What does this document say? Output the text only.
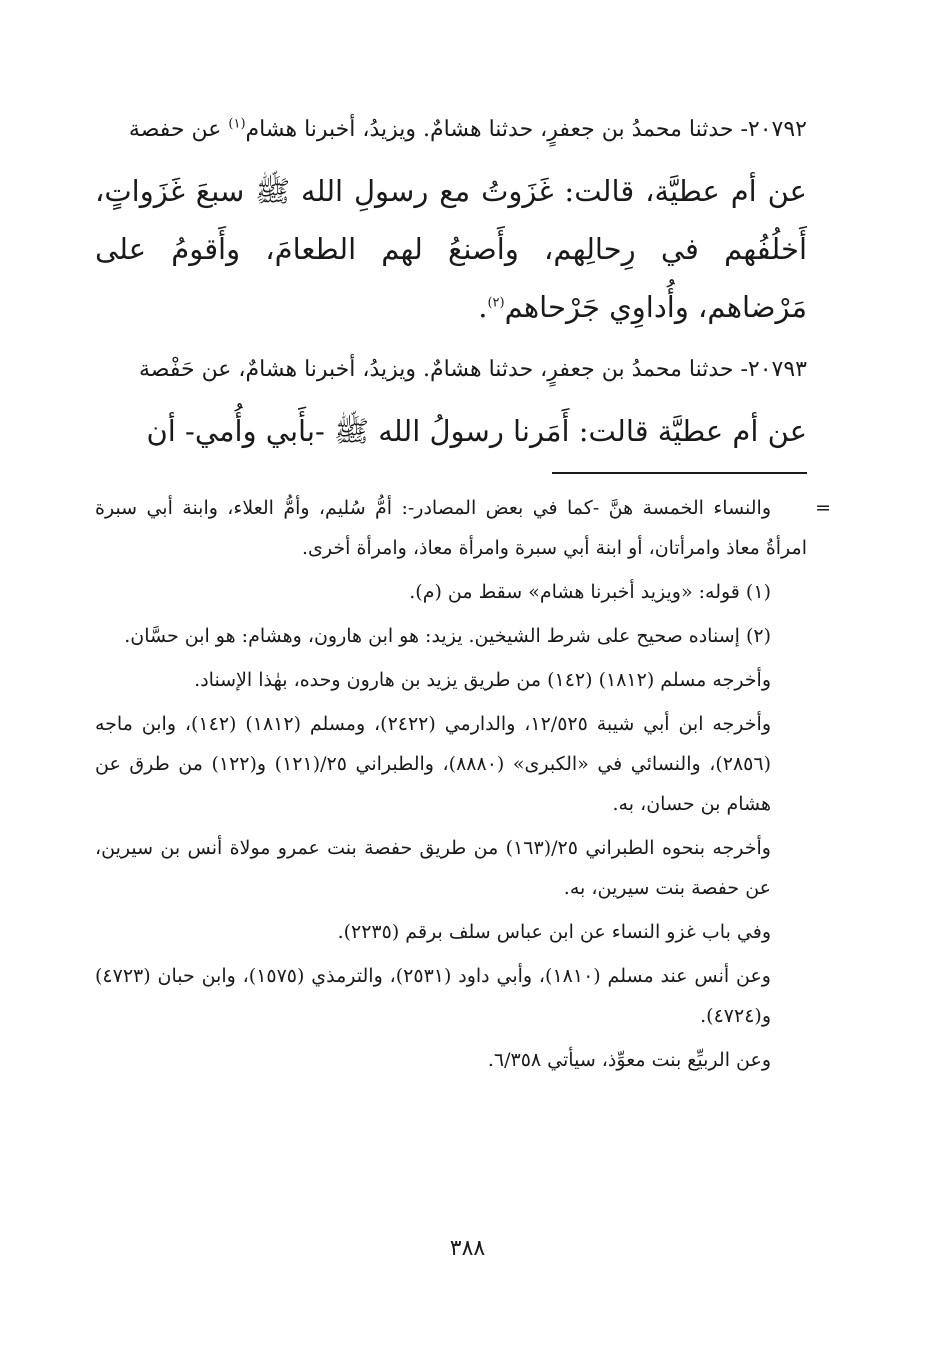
٢٠٧٩٢- حدثنا محمدُ بن جعفرٍ، حدثنا هشامٌ. ويزيدُ، أخبرنا هشام$^{(١)}$ عن حفصة

عن أم عطيَّة، قالت: غَزَوتُ مع رسولِ الله ﷺ سبعَ غَزَواتٍ، أَخلُفُهم في رِحالِهم، وأَصنعُ لهم الطعامَ، وأَقومُ على مَرْضاهم، وأُداوِي جَرْحاهم$^{(٢)}$.

٢٠٧٩٣- حدثنا محمدُ بن جعفرٍ، حدثنا هشامٌ. ويزيدُ، أخبرنا هشامٌ، عن حَفْصة

عن أم عطيَّة قالت: أَمَرنا رسولُ الله ﷺ -بأَبي وأُمي- أن

=
والنساء الخمسة هنَّ -كما في بعض المصادر-: أمُّ سُليم، وأمُّ العلاء، وابنة أبي سبرة امرأةُ معاذ وامرأتان، أو ابنة أبي سبرة وامرأة معاذ، وامرأة أخرى.

(١) قوله: «ويزيد أخبرنا هشام» سقط من (م).

(٢) إسناده صحيح على شرط الشيخين. يزيد: هو ابن هارون، وهشام: هو ابن حسَّان.

وأخرجه مسلم (١٨١٢) (١٤٢) من طريق يزيد بن هارون وحده، بهٰذا الإسناد.

وأخرجه ابن أبي شيبة ١٢/٥٢٥، والدارمي (٢٤٢٢)، ومسلم (١٨١٢) (١٤٢)، وابن ماجه (٢٨٥٦)، والنسائي في «الكبرى» (٨٨٨٠)، والطبراني ٢٥/(١٢١) و(١٢٢) من طرق عن هشام بن حسان، به.

وأخرجه بنحوه الطبراني ٢٥/(١٦٣) من طريق حفصة بنت عمرو مولاة أنس بن سيرين، عن حفصة بنت سيرين، به.

وفي باب غزو النساء عن ابن عباس سلف برقم (٢٢٣٥).

وعن أنس عند مسلم (١٨١٠)، وأبي داود (٢٥٣١)، والترمذي (١٥٧٥)، وابن حبان (٤٧٢٣) و(٤٧٢٤).

وعن الربيِّع بنت معوِّذ، سيأتي ٦/٣٥٨.

٣٨٨
